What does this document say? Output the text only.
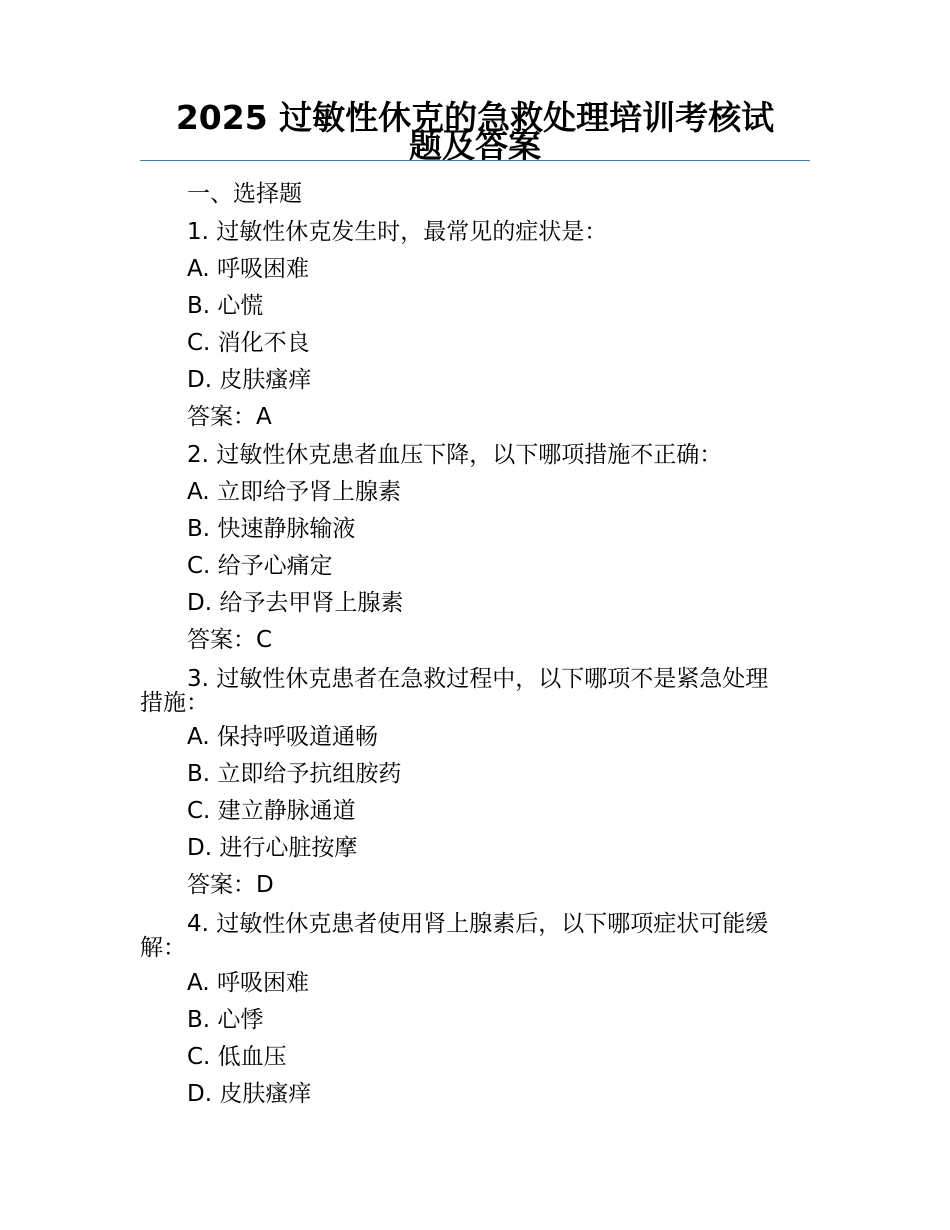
2025 过敏性休克的急救处理培训考核试
题及答案
一、选择题
1. 过敏性休克发生时，最常见的症状是：
A. 呼吸困难
B. 心慌
C. 消化不良
D. 皮肤瘙痒
答案：A
2. 过敏性休克患者血压下降，以下哪项措施不正确：
A. 立即给予肾上腺素
B. 快速静脉输液
C. 给予心痛定
D. 给予去甲肾上腺素
答案：C
3. 过敏性休克患者在急救过程中，以下哪项不是紧急处理
措施：
A. 保持呼吸道通畅
B. 立即给予抗组胺药
C. 建立静脉通道
D. 进行心脏按摩
答案：D
4. 过敏性休克患者使用肾上腺素后，以下哪项症状可能缓
解：
A. 呼吸困难
B. 心悸
C. 低血压
D. 皮肤瘙痒
